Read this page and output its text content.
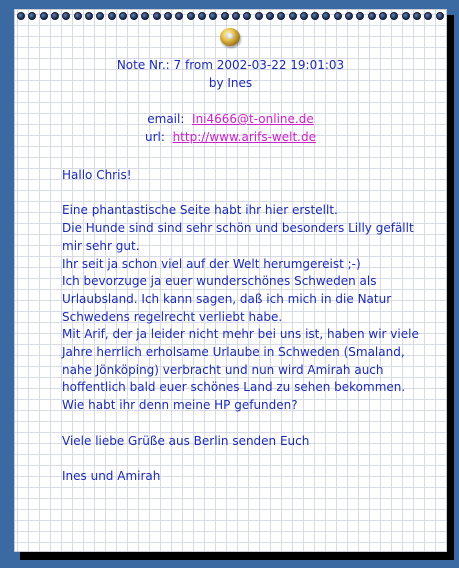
Note Nr.: 7 from 2002-03-22 19:01:03
by Ines
email: Ini4666@t-online.de
url: http://www.arifs-welt.de

Hallo Chris!

Eine phantastische Seite habt ihr hier erstellt.
Die Hunde sind sind sehr schön und besonders Lilly gefällt mir sehr gut.
Ihr seit ja schon viel auf der Welt herumgereist ;-)
Ich bevorzuge ja euer wunderschönes Schweden als Urlaubsland. Ich kann sagen, daß ich mich in die Natur Schwedens regelrecht verliebt habe.
Mit Arif, der ja leider nicht mehr bei uns ist, haben wir viele Jahre herrlich erholsame Urlaube in Schweden (Smaland, nahe Jönköping) verbracht und nun wird Amirah auch hoffentlich bald euer schönes Land zu sehen bekommen.
Wie habt ihr denn meine HP gefunden?

Viele liebe Grüße aus Berlin senden Euch

Ines und Amirah
